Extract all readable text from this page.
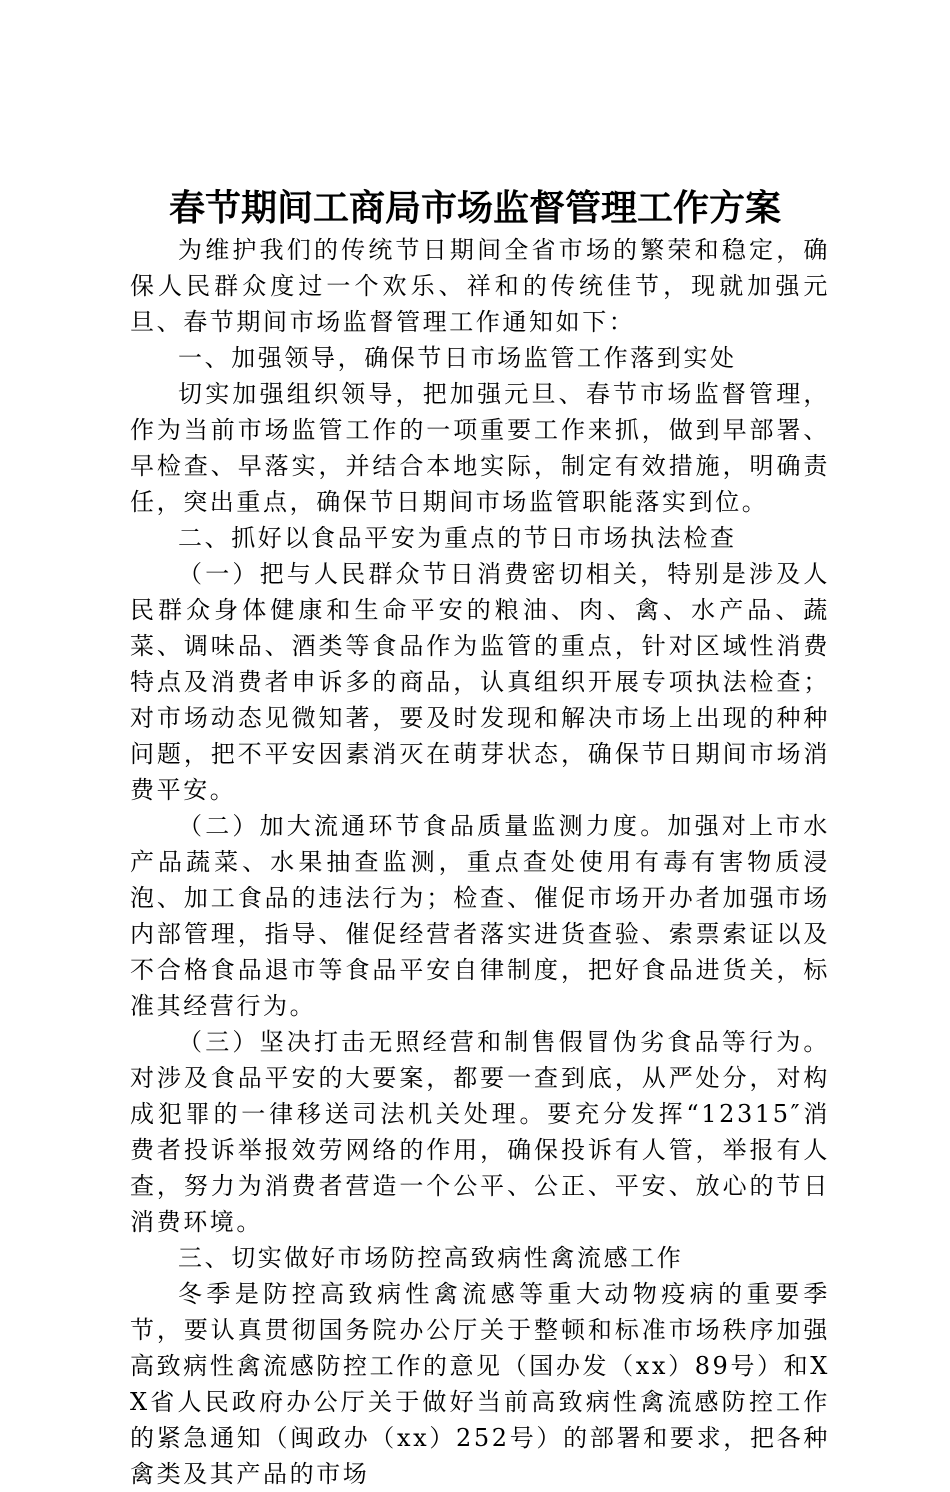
春节期间工商局市场监督管理工作方案

为维护我们的传统节日期间全省市场的繁荣和稳定，确保人民群众度过一个欢乐、祥和的传统佳节，现就加强元旦、春节期间市场监督管理工作通知如下：

一、加强领导，确保节日市场监管工作落到实处

切实加强组织领导，把加强元旦、春节市场监督管理，作为当前市场监管工作的一项重要工作来抓，做到早部署、早检查、早落实，并结合本地实际，制定有效措施，明确责任，突出重点，确保节日期间市场监管职能落实到位。

二、抓好以食品平安为重点的节日市场执法检查

（一）把与人民群众节日消费密切相关，特别是涉及人民群众身体健康和生命平安的粮油、肉、禽、水产品、蔬菜、调味品、酒类等食品作为监管的重点，针对区域性消费特点及消费者申诉多的商品，认真组织开展专项执法检查；对市场动态见微知著，要及时发现和解决市场上出现的种种问题，把不平安因素消灭在萌芽状态，确保节日期间市场消费平安。

（二）加大流通环节食品质量监测力度。加强对上市水产品蔬菜、水果抽查监测，重点查处使用有毒有害物质浸泡、加工食品的违法行为；检查、催促市场开办者加强市场内部管理，指导、催促经营者落实进货查验、索票索证以及不合格食品退市等食品平安自律制度，把好食品进货关，标准其经营行为。

（三）坚决打击无照经营和制售假冒伪劣食品等行为。对涉及食品平安的大要案，都要一查到底，从严处分，对构成犯罪的一律移送司法机关处理。要充分发挥“12315″消费者投诉举报效劳网络的作用，确保投诉有人管，举报有人查，努力为消费者营造一个公平、公正、平安、放心的节日消费环境。

三、切实做好市场防控高致病性禽流感工作

冬季是防控高致病性禽流感等重大动物疫病的重要季节，要认真贯彻国务院办公厅关于整顿和标准市场秩序加强高致病性禽流感防控工作的意见（国办发（xx）89号）和XX省人民政府办公厅关于做好当前高致病性禽流感防控工作的紧急通知（闽政办（xx）252号）的部署和要求，把各种禽类及其产品的市场
